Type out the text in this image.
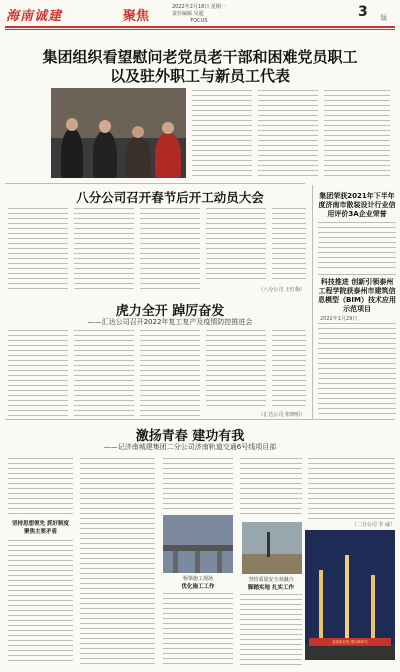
海南诚建	聚焦
2022年2月18日 星期一
责任编辑 吴超
FOCUS
3 版
集团组织看望慰问老党员老干部和困难党员职工
以及驻外职工与新员工代表
八分公司召开春节后开工动员大会
（八分公司 王红梅）
虎力全开 踔厉奋发
——汇达公司召开2022年复工复产及疫情防控推进会
（汇达公司 张晓明）
集团荣获2021年下半年度济南市散装设计行业信用评价3A企业荣誉
科技推进 创新引领泰州工程学院获泰州市建筑信息模型（BIM）技术应用示范项目
2022年1月29日
激扬青春 建功有我
——记济南城建集团二分公司济南轨道交通6号线项目部
坚持思想领先 抓好制度
聚焦主要矛盾
桥梁施工现场
优化施工工作
坚持质量安全双融合
脚踏实地 扎实工作
（二分公司 李 威）
奋进新征程 建功新时代
